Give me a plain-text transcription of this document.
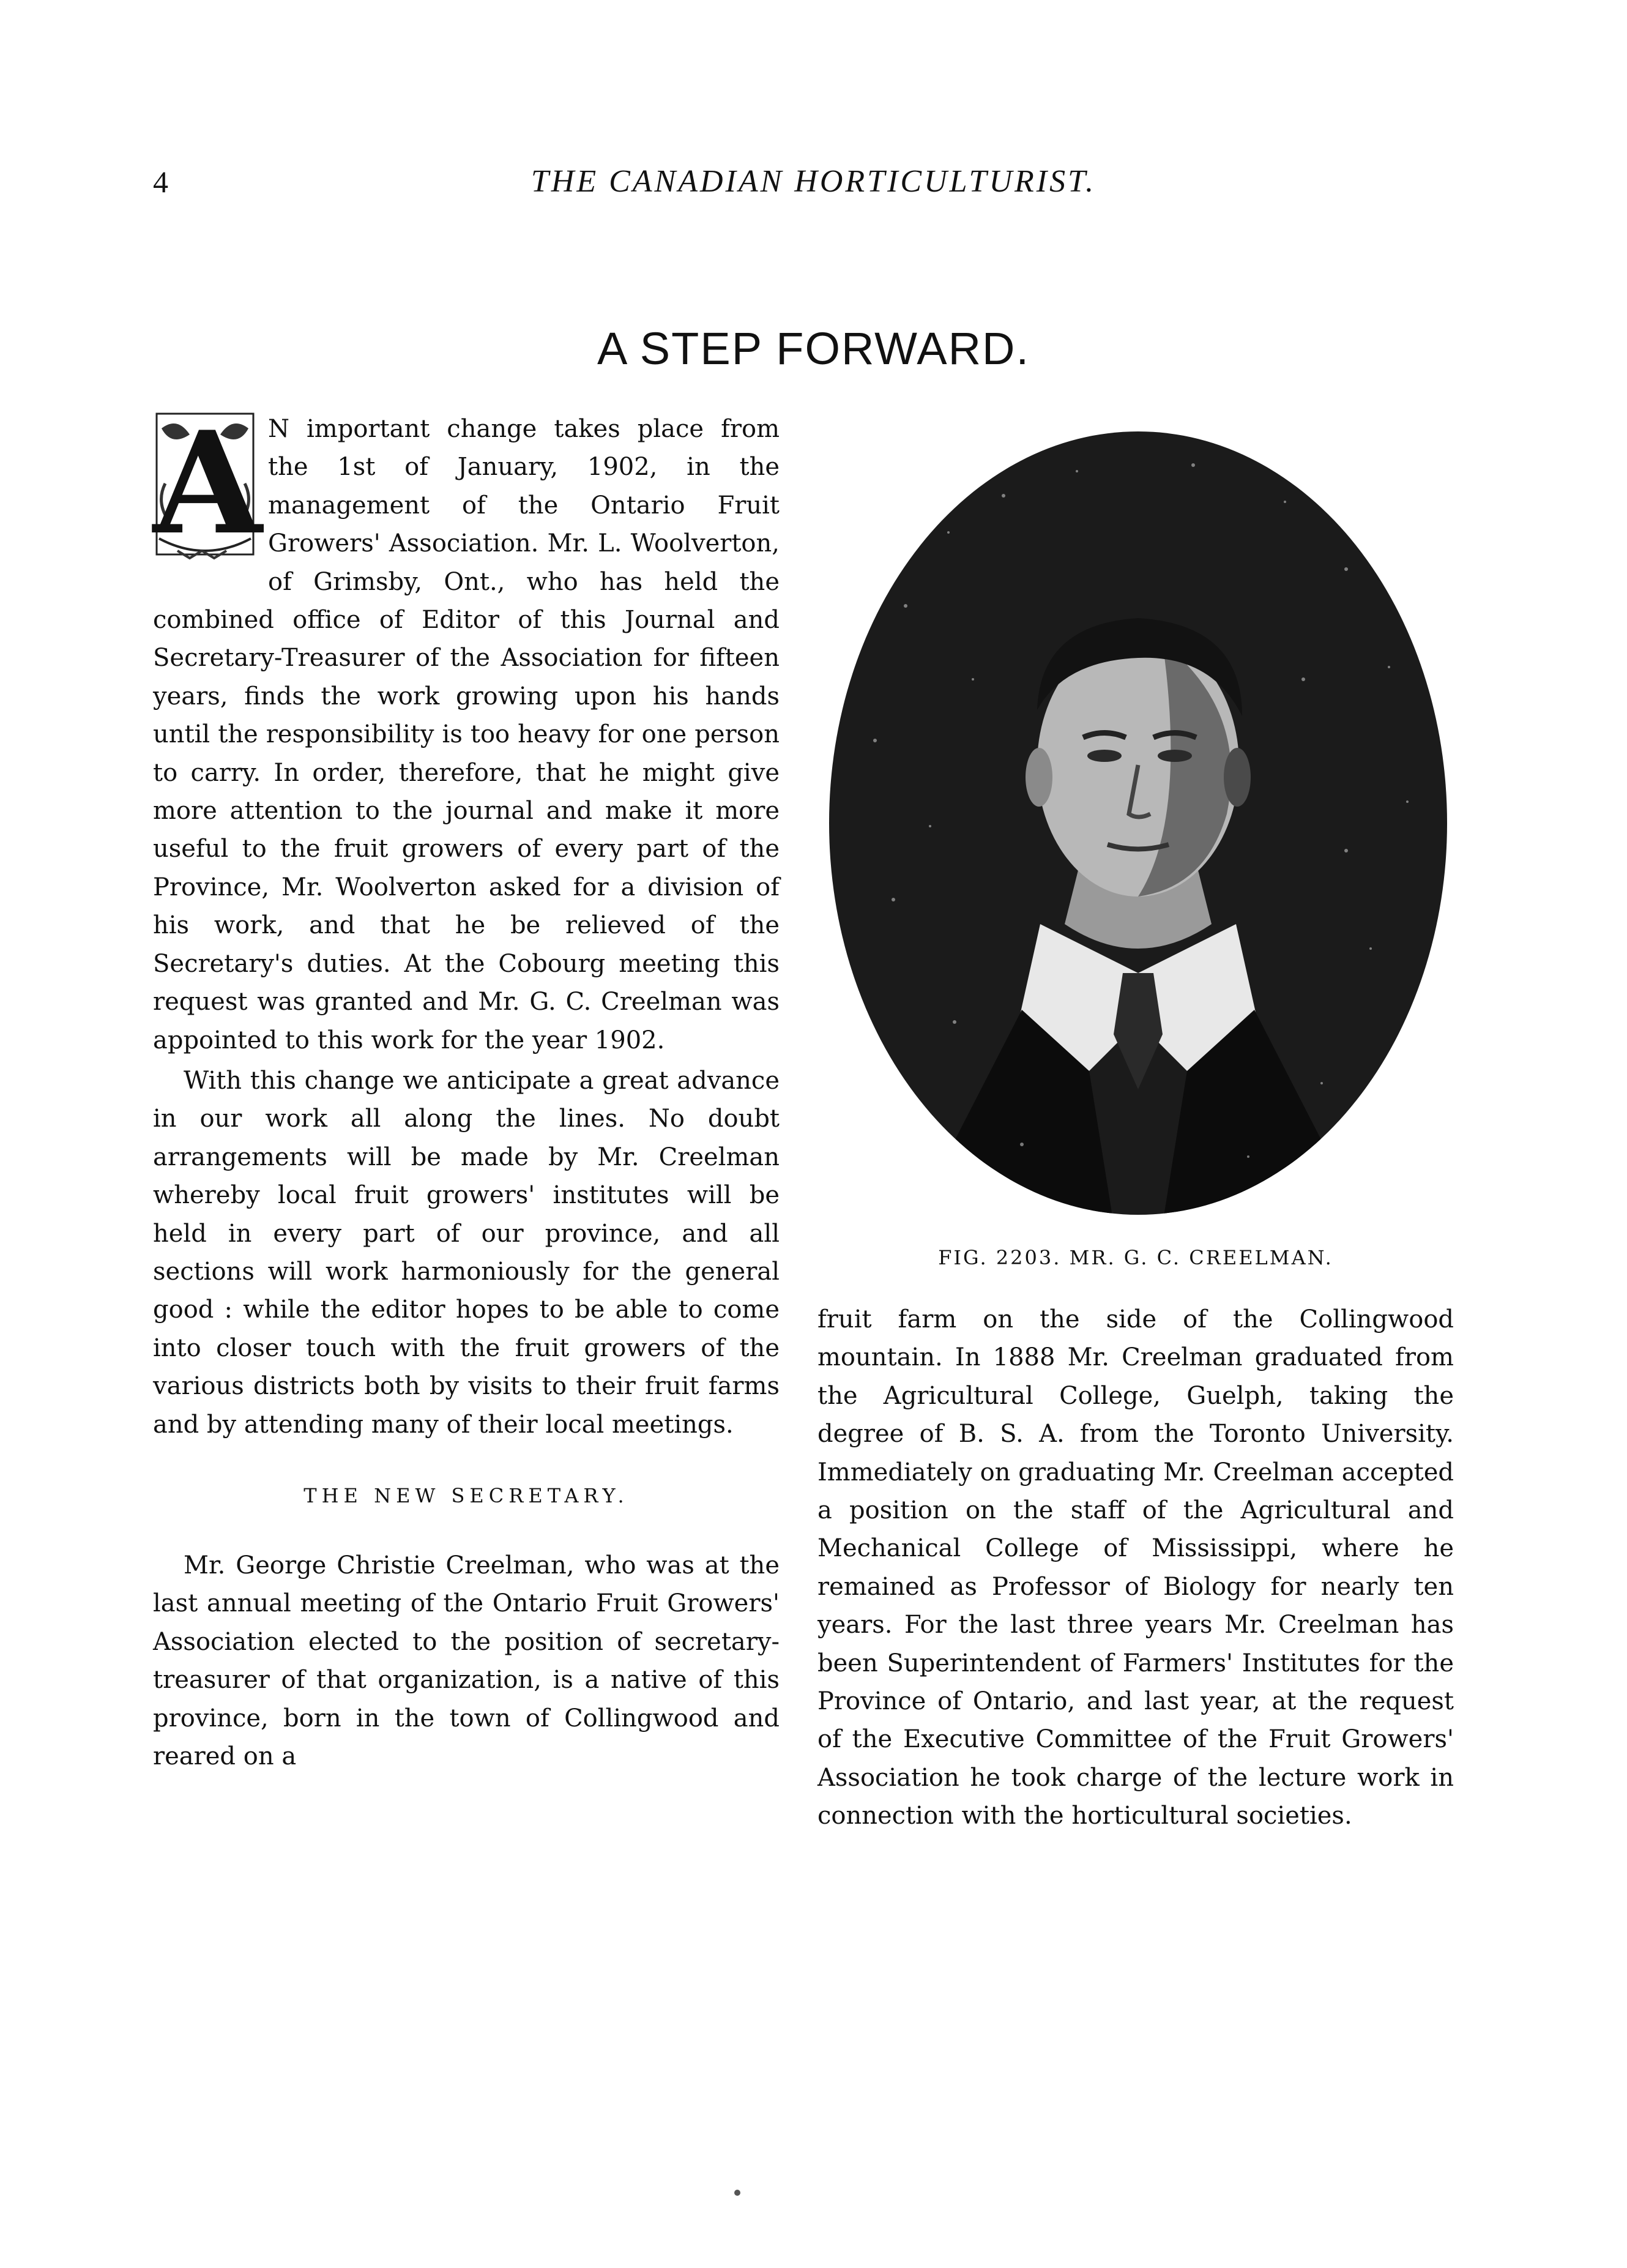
4	THE CANADIAN HORTICULTURIST.
A STEP FORWARD.

A N important change takes place from the 1st of January, 1902, in the management of the Ontario Fruit Growers' Association. Mr. L. Woolverton, of Grimsby, Ont., who has held the combined office of Editor of this Journal and Secretary-Treasurer of the Association for fifteen years, finds the work growing upon his hands until the responsibility is too heavy for one person to carry. In order, therefore, that he might give more attention to the journal and make it more useful to the fruit growers of every part of the Province, Mr. Woolverton asked for a division of his work, and that he be relieved of the Secretary's duties. At the Cobourg meeting this request was granted and Mr. G. C. Creelman was appointed to this work for the year 1902.

With this change we anticipate a great advance in our work all along the lines. No doubt arrangements will be made by Mr. Creelman whereby local fruit growers' institutes will be held in every part of our province, and all sections will work harmoniously for the general good : while the editor hopes to be able to come into closer touch with the fruit growers of the various districts both by visits to their fruit farms and by attending many of their local meetings.

THE NEW SECRETARY.

Mr. George Christie Creelman, who was at the last annual meeting of the Ontario Fruit Growers' Association elected to the position of secretary-treasurer of that organization, is a native of this province, born in the town of Collingwood and reared on a

FIG. 2203. MR. G. C. CREELMAN.

fruit farm on the side of the Collingwood mountain. In 1888 Mr. Creelman graduated from the Agricultural College, Guelph, taking the degree of B. S. A. from the Toronto University. Immediately on graduating Mr. Creelman accepted a position on the staff of the Agricultural and Mechanical College of Mississippi, where he remained as Professor of Biology for nearly ten years. For the last three years Mr. Creelman has been Superintendent of Farmers' Institutes for the Province of Ontario, and last year, at the request of the Executive Committee of the Fruit Growers' Association he took charge of the lecture work in connection with the horticultural societies.
